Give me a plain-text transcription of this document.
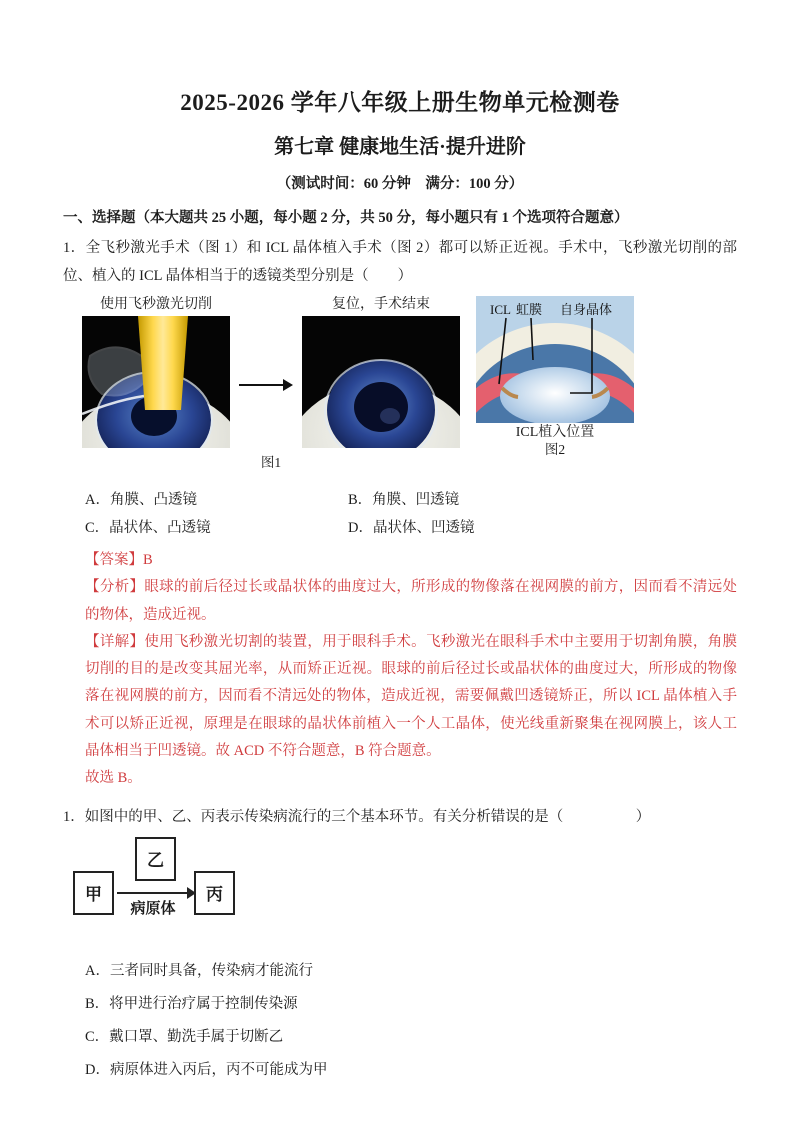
2025-2026 学年八年级上册生物单元检测卷
第七章 健康地生活·提升进阶
（测试时间：60 分钟　满分：100 分）
一、选择题（本大题共 25 小题，每小题 2 分，共 50 分，每小题只有 1 个选项符合题意）
1．全飞秒激光手术（图 1）和 ICL 晶体植入手术（图 2）都可以矫正近视。手术中，飞秒激光切削的部位、植入的 ICL 晶体相当于的透镜类型分别是（　　）
使用飞秒激光切削	复位，手术结束
图1
ICL 虹膜 自身晶体
ICL植入位置
图2
A．角膜、凸透镜	B．角膜、凹透镜
C．晶状体、凸透镜	D．晶状体、凹透镜
【答案】B
【分析】眼球的前后径过长或晶状体的曲度过大，所形成的物像落在视网膜的前方，因而看不清远处的物体，造成近视。
【详解】使用飞秒激光切割的装置，用于眼科手术。飞秒激光在眼科手术中主要用于切割角膜，角膜切削的目的是改变其屈光率，从而矫正近视。眼球的前后径过长或晶状体的曲度过大，所形成的物像落在视网膜的前方，因而看不清远处的物体，造成近视，需要佩戴凹透镜矫正，所以 ICL 晶体植入手术可以矫正近视，原理是在眼球的晶状体前植入一个人工晶体，使光线重新聚集在视网膜上，该人工晶体相当于凹透镜。故 ACD 不符合题意，B 符合题意。
故选 B。
1．如图中的甲、乙、丙表示传染病流行的三个基本环节。有关分析错误的是（　　　　　）
甲
乙
丙
病原体
A．三者同时具备，传染病才能流行
B．将甲进行治疗属于控制传染源
C．戴口罩、勤洗手属于切断乙
D．病原体进入丙后，丙不可能成为甲
